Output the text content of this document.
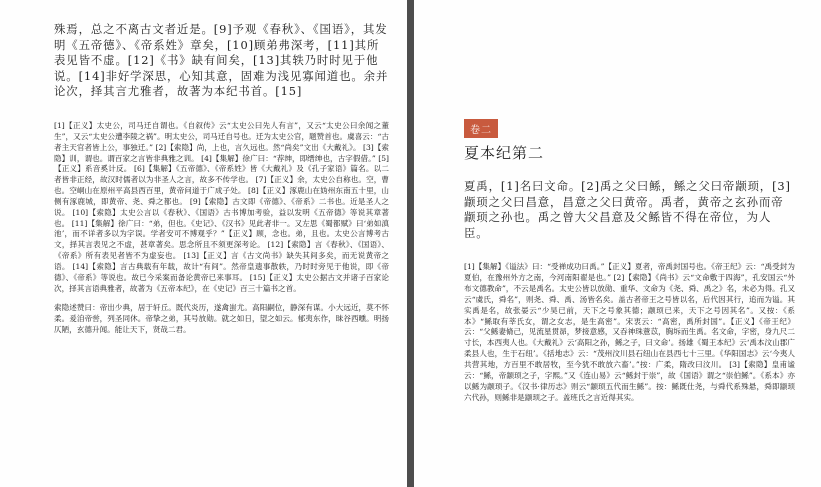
殊焉，总之不离古文者近是。[9]予观《春秋》、《国语》，其发明《五帝德》、《帝系姓》章矣，[10]顾弟弗深考，[11]其所表见皆不虚。[12]《书》缺有间矣，[13]其轶乃时时见于他说。[14]非好学深思，心知其意，固难为浅见寡闻道也。余并论次，择其言尤雅者，故著为本纪书首。[15]

[1]【正义】太史公，司马迁自谓也。《自叙传》云“太史公曰先人有言”，又云“太史公曰余闻之董生”，又云“太史公遭李陵之祸”。明太史公，司马迁自号也。迁为太史公官，题赞首也。虞喜云：“古者主天官者皆上公，事独迁。” [2]【索隐】尚，上也，言久远也。然“尚矣”文出《大戴礼》。 [3]【索隐】训，谓也。谓百家之言皆非典雅之训。 [4]【集解】徐广曰：“荐绅，即缙绅也，古字假借。” [5]【正义】系音奚计反。 [6]【集解】《五帝德》、《帝系姓》皆《大戴礼》及《孔子家语》篇名。以二者皆非正经，故汉时儒者以为非圣人之言，故多不传学也。 [7]【正义】余，太史公自称也。空，曹也。空峒山在原州平高县西百里，黄帝问道于广成子处。 [8]【正义】涿鹿山在妫州东南五十里，山侧有涿鹿城，即黄帝、尧、舜之都也。 [9]【索隐】古文即《帝德》、《帝系》二书也。近是圣人之说。 [10]【索隐】太史公言以《春秋》、《国语》古书博加考验，益以发明《五帝德》等说其章著也。 [11]【集解】徐广曰：“弟，但也。《史记》、《汉书》见此者非一。又左思《蜀都赋》曰‘弟如滇池’，而不详者多以为字误。学者安可不博观乎？”【正义】顾，念也。弟，且也。太史公言博考古文，择其言表见之不虚，甚章著矣。思念所且不须更深考论。 [12]【索隐】言《春秋》、《国语》、《帝系》所有表见者皆不为虚妄也。 [13]【正义】言《古文尚书》缺失其间多矣，而无说黄帝之语。 [14]【索隐】言古典载有年载，故计“有间”。然帝皇遗事散轶，乃时时旁见于他说，即《帝德》、《帝系》等说也。故已今采案而备论黄帝已来事耳。 [15]【正义】太史公据古文并诸子百家论次，择其言语典雅者，故著为《五帝本纪》，在《史记》百三十篇书之首。

索隐述赞曰：帝出少典，居于轩丘。既代炎历，遂禽蚩尤。高阳嗣位，静深有谋。小大远近，莫不怀柔。爰洎帝喾，列圣同休。帝挚之弟，其号放勋。就之如日，望之如云。郁夷东作，昧谷西曛。明扬仄陋，玄德升闻。能让天下，贤哉二君。

卷二
夏本纪第二

夏禹，[1]名曰文命。[2]禹之父曰鲧，鲧之父曰帝颛顼，[3]颛顼之父曰昌意，昌意之父曰黄帝。禹者，黄帝之玄孙而帝颛顼之孙也。禹之曾大父昌意及父鲧皆不得在帝位，为人臣。

[1]【集解】《谥法》曰：“受禅成功曰禹。”【正义】夏者，帝禹封国号也。《帝王纪》云：“禹受封为夏伯，在豫州外方之南，今河南阳翟是也。” [2]【索隐】《尚书》云“文命敷于四海”，孔安国云“外布文德教命”，不云是禹名。太史公皆以放勋、重华、文命为《尧、舜、禹之》名，未必为得。孔又云“虞氏，舜名”，则尧、舜、禹、汤皆名矣。盖古者帝王之号皆以名，后代因其行，追而为谥。其实禹是名，故张晏云“少昊已前，天下之号象其德；颛顼已来，天下之号因其名”。又按：《系本》“鲧取有莘氏女，谓之女志，是生高密”。宋衷云：“高密，禹所封国”。【正义】《帝王纪》云：“父鲧妻脩己，见流星贯昴，梦接意感，又吞神珠薏苡，胸坼而生禹。名文命，字密，身九尺二寸长，本西夷人也。《大戴礼》云‘高阳之孙，鲧之子，曰文命’。扬雄《蜀王本纪》云‘禹本汶山郡广柔县人也，生于石纽’。《括地志》云：“茂州汶川县石纽山在县西七十三里。《华阳国志》云‘今夷人共营其地，方百里不敢居牧，至今犹不敢放六畜’。”按：广柔，隋改曰汶川。 [3]【索隐】皇甫谧云：“鲧，帝颛顼之子，字熙。”又《连山易》云“鲧封于崇”，故《国语》谓之“崇伯鲧”。《系本》亦以鲧为颛顼子。《汉书·律历志》则云“颛顼五代而生鲧”。按：鲧既仕尧，与舜代系殊悬，舜即颛顼六代孙，则鲧非是颛顼之子。盖班氏之言近得其实。
